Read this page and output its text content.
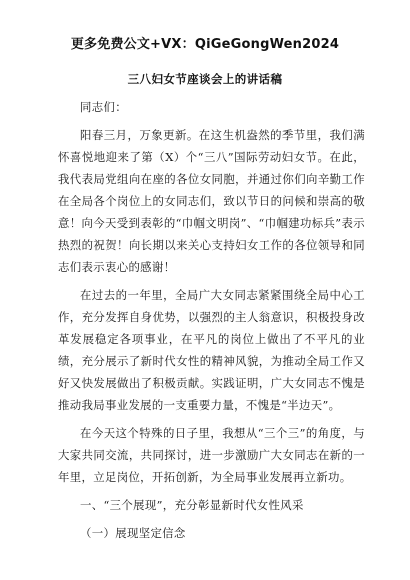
更多免费公文+VX：QiGeGongWen2024
三八妇女节座谈会上的讲话稿

同志们：

阳春三月，万象更新。在这生机盎然的季节里，我们满怀喜悦地迎来了第（X）个“三八”国际劳动妇女节。在此，我代表局党组向在座的各位女同胞，并通过你们向辛勤工作在全局各个岗位上的女同志们，致以节日的问候和崇高的敬意！向今天受到表彰的“巾帼文明岗”、“巾帼建功标兵”表示热烈的祝贺！向长期以来关心支持妇女工作的各位领导和同志们表示衷心的感谢！

在过去的一年里，全局广大女同志紧紧围绕全局中心工作，充分发挥自身优势，以强烈的主人翁意识，积极投身改革发展稳定各项事业，在平凡的岗位上做出了不平凡的业绩，充分展示了新时代女性的精神风貌，为推动全局工作又好又快发展做出了积极贡献。实践证明，广大女同志不愧是推动我局事业发展的一支重要力量，不愧是“半边天”。

在今天这个特殊的日子里，我想从“三个三”的角度，与大家共同交流，共同探讨，进一步激励广大女同志在新的一年里，立足岗位，开拓创新，为全局事业发展再立新功。

一、“三个展现”，充分彰显新时代女性风采

（一）展现坚定信念
